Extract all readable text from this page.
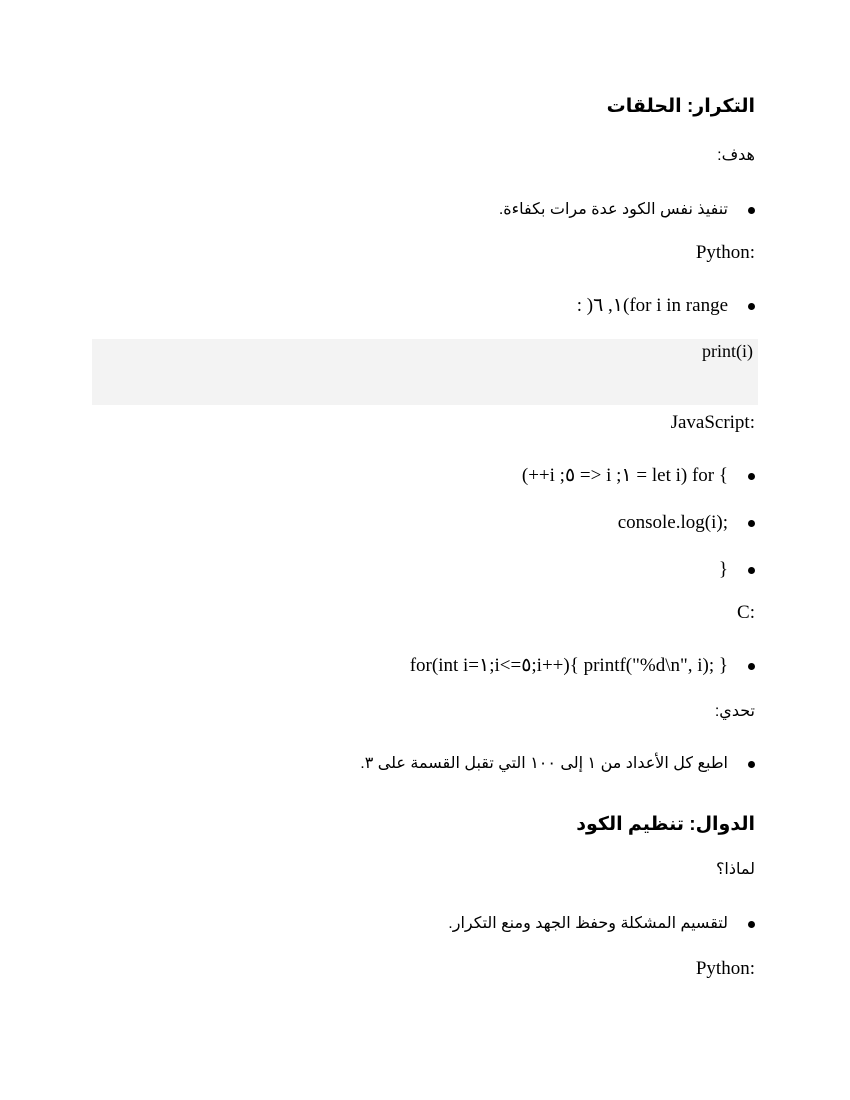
التكرار: الحلقات
هدف:
تنفيذ نفس الكود عدة مرات بكفاءة.
:Python
for i in range)١, ٦( :
print(i)
:JavaScript
} for (let i = ١; i <= ٥; i++)
;console.log(i)
{
:C
for(int i=١;i<=٥;i++){ printf("%d\n", i); }
تحدي:
اطبع كل الأعداد من ١ إلى ١٠٠ التي تقبل القسمة على ٣.
الدوال: تنظيم الكود
لماذا؟
لتقسيم المشكلة وحفظ الجهد ومنع التكرار.
:Python
